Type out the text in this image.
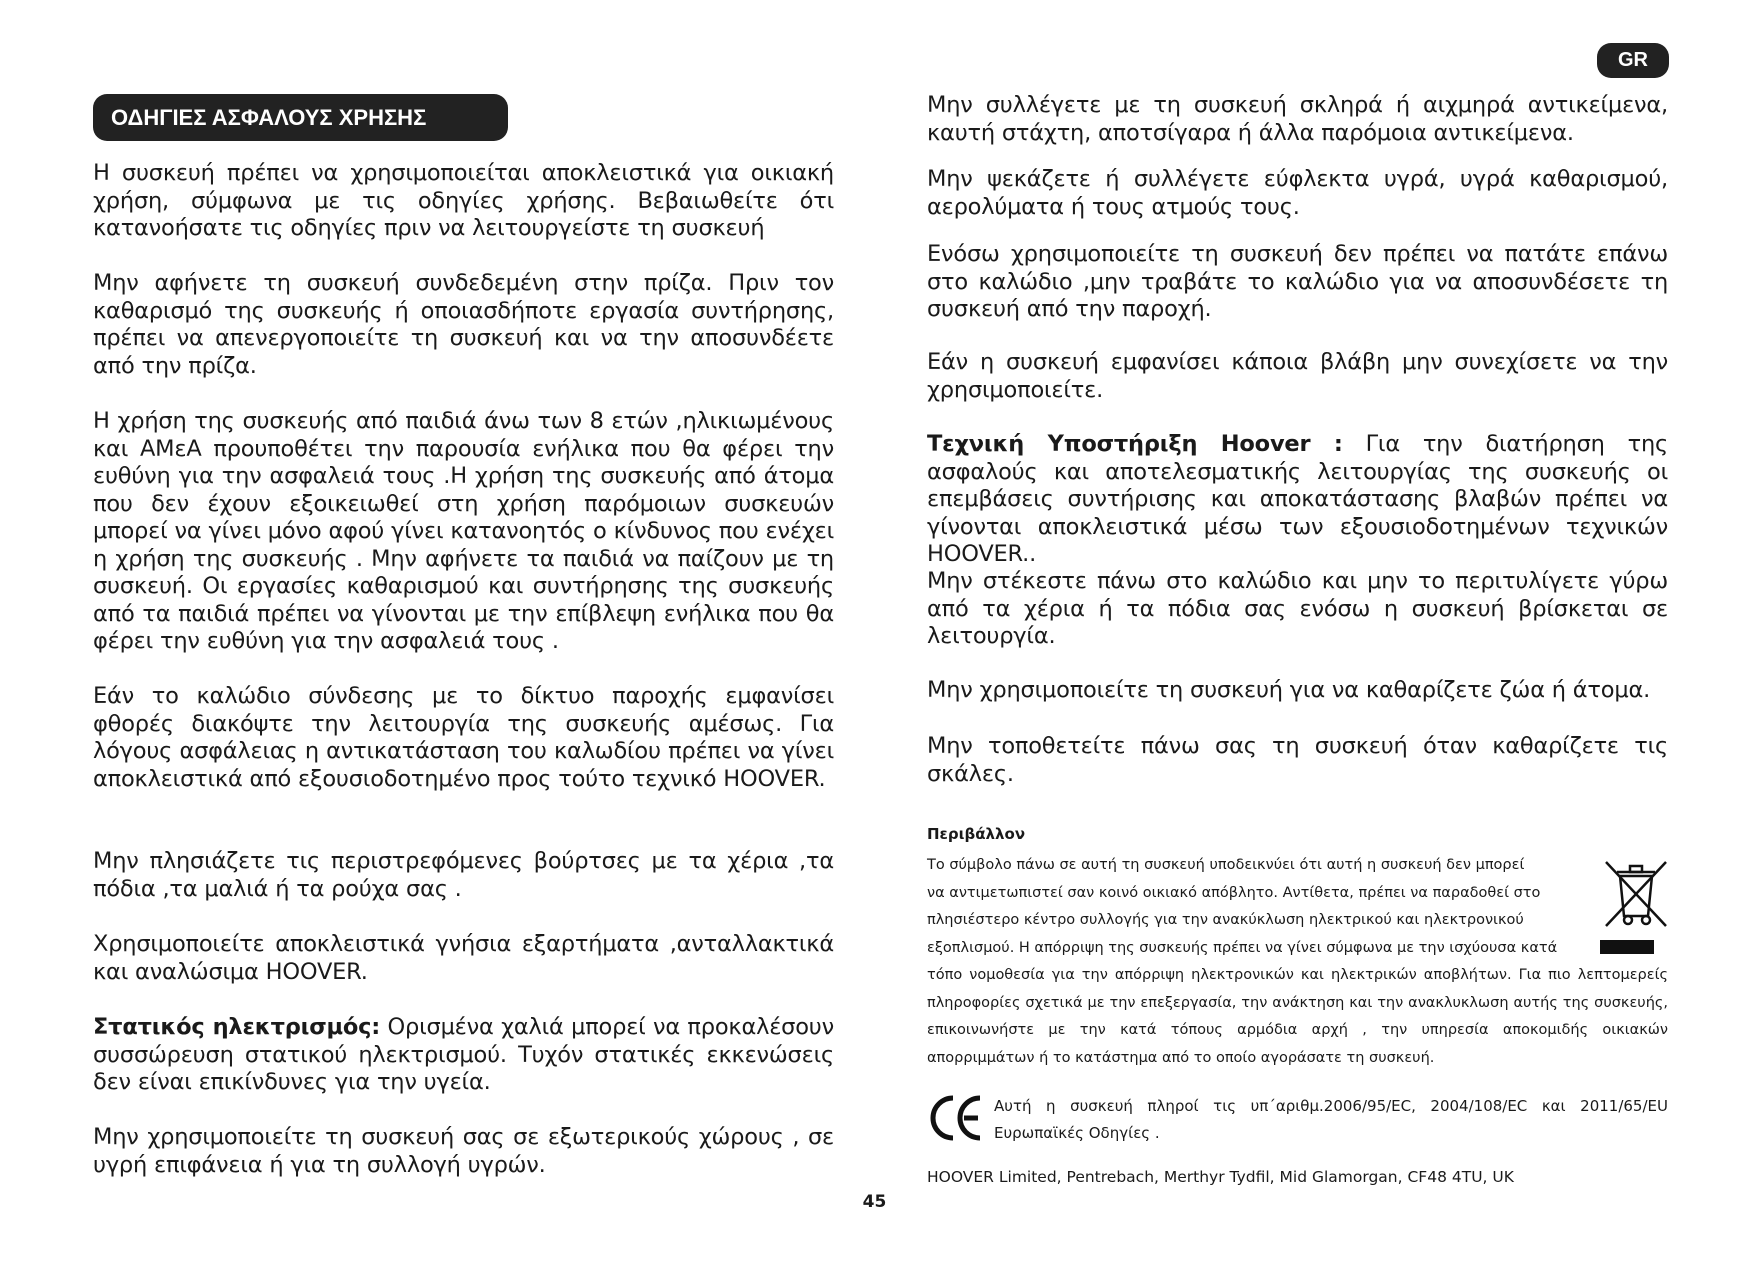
GR
ΟΔΗΓΙΕΣ ΑΣΦΑΛΟΥΣ ΧΡΗΣΗΣ

Η συσκευή πρέπει να χρησιμοποιείται αποκλειστικά για οικιακή χρήση, σύμφωνα με τις οδηγίες χρήσης. Βεβαιωθείτε ότι κατανοήσατε τις οδηγίες πριν να λειτουργείστε τη συσκευή

Μην αφήνετε τη συσκευή συνδεδεμένη στην πρίζα. Πριν τον καθαρισμό της συσκευής ή οποιασδήποτε εργασία συντήρησης, πρέπει να απενεργοποιείτε τη συσκευή και να την αποσυνδέετε από την πρίζα.

Η χρήση της συσκευής από παιδιά άνω των 8 ετών ,ηλικιωμένους και ΑΜεΑ προυποθέτει την παρουσία ενήλικα που θα φέρει την ευθύνη για την ασφαλειά τους .Η χρήση της συσκευής από άτομα που δεν έχουν εξοικειωθεί στη χρήση παρόμοιων συσκευών μπορεί να γίνει μόνο αφού γίνει κατανοητός ο κίνδυνος που ενέχει η χρήση της συσκευής . Μην αφήνετε τα παιδιά να παίζουν με τη συσκευή. Οι εργασίες καθαρισμού και συντήρησης της συσκευής από τα παιδιά πρέπει να γίνονται με την επίβλεψη ενήλικα που θα φέρει την ευθύνη για την ασφαλειά τους .

Εάν το καλώδιο σύνδεσης με το δίκτυο παροχής εμφανίσει φθορές διακόψτε την λειτουργία της συσκευής αμέσως. Για λόγους ασφάλειας η αντικατάσταση του καλωδίου πρέπει να γίνει αποκλειστικά από εξουσιοδοτημένο προς τούτο τεχνικό HOOVER.

Μην πλησιάζετε τις περιστρεφόμενες βούρτσες με τα χέρια ,τα πόδια ,τα μαλιά ή τα ρούχα σας .

Χρησιμοποιείτε αποκλειστικά γνήσια εξαρτήματα ,ανταλλακτικά και αναλώσιμα HOOVER.

Στατικός ηλεκτρισμός: Ορισμένα χαλιά μπορεί να προκαλέσουν συσσώρευση στατικού ηλεκτρισμού. Τυχόν στατικές εκκενώσεις δεν είναι επικίνδυνες για την υγεία.

Μην χρησιμοποιείτε τη συσκευή σας σε εξωτερικούς χώρους , σε υγρή επιφάνεια ή για τη συλλογή υγρών.

Μην συλλέγετε με τη συσκευή σκληρά ή αιχμηρά αντικείμενα, καυτή στάχτη, αποτσίγαρα ή άλλα παρόμοια αντικείμενα.

Μην ψεκάζετε ή συλλέγετε εύφλεκτα υγρά, υγρά καθαρισμού, αερολύματα ή τους ατμούς τους.

Ενόσω χρησιμοποιείτε τη συσκευή δεν πρέπει να πατάτε επάνω στο καλώδιο ,μην τραβάτε το καλώδιο για να αποσυνδέσετε τη συσκευή από την παροχή.

Εάν η συσκευή εμφανίσει κάποια βλάβη μην συνεχίσετε να την χρησιμοποιείτε.

Τεχνική Υποστήριξη Hoover : Για την διατήρηση της ασφαλούς και αποτελεσματικής λειτουργίας της συσκευής οι επεμβάσεις συντήρισης και αποκατάστασης βλαβών πρέπει να γίνονται αποκλειστικά μέσω των εξουσιοδοτημένων τεχνικών HOOVER..

Μην στέκεστε πάνω στο καλώδιο και μην το περιτυλίγετε γύρω από τα χέρια ή τα πόδια σας ενόσω η συσκευή βρίσκεται σε λειτουργία.

Μην χρησιμοποιείτε τη συσκευή για να καθαρίζετε ζώα ή άτομα.

Μην τοποθετείτε πάνω σας τη συσκευή όταν καθαρίζετε τις σκάλες.

Περιβάλλον

Το σύμβολο πάνω σε αυτή τη συσκευή υποδεικνύει ότι αυτή η συσκευή δεν μπορεί
να αντιμετωπιστεί σαν κοινό οικιακό απόβλητο. Αντίθετα, πρέπει να παραδοθεί στο
πλησιέστερο κέντρο συλλογής για την ανακύκλωση ηλεκτρικού και ηλεκτρονικού
εξοπλισμού. Η απόρριψη της συσκευής πρέπει να γίνει σύμφωνα με την ισχύουσα κατά
τόπο νομοθεσία για την απόρριψη ηλεκτρονικών και ηλεκτρικών αποβλήτων. Για πιο λεπτομερείς πληροφορίες σχετικά με την επεξεργασία, την ανάκτηση και την ανακλυκλωση αυτής της συσκευής, επικοινωνήστε με την κατά τόπους αρμόδια αρχή , την υπηρεσία αποκομιδής οικιακών απορριμμάτων ή το κατάστημα από το οποίο αγοράσατε τη συσκευή.

Αυτή η συσκευή πληροί τις υπ΄αριθμ.2006/95/EC, 2004/108/EC και 2011/65/EU Ευρωπαϊκές Οδηγίες .

HOOVER Limited, Pentrebach, Merthyr Tydfil, Mid Glamorgan, CF48 4TU, UK

45
